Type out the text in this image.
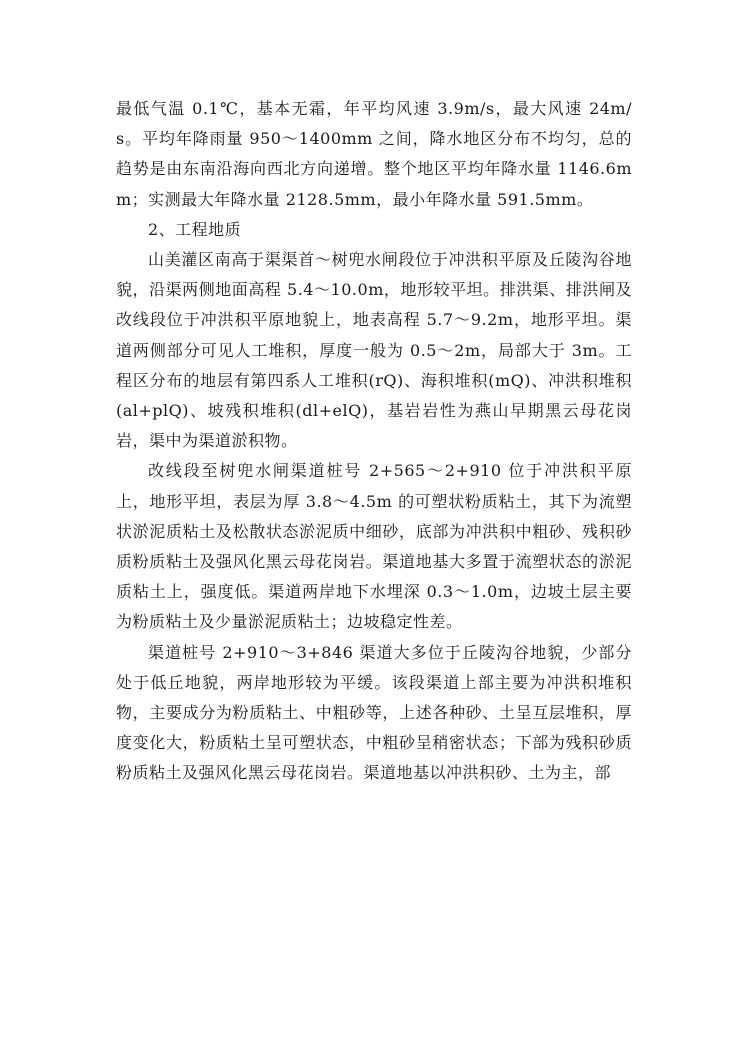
最低气温 0.1℃，基本无霜，年平均风速 3.9m/s，最大风速 24m/s。平均年降雨量 950～1400mm 之间，降水地区分布不均匀，总的趋势是由东南沿海向西北方向递增。整个地区平均年降水量 1146.6mm；实测最大年降水量 2128.5mm，最小年降水量 591.5mm。

2、工程地质

山美灌区南高于渠渠首～树兜水闸段位于冲洪积平原及丘陵沟谷地貌，沿渠两侧地面高程 5.4～10.0m，地形较平坦。排洪渠、排洪闸及改线段位于冲洪积平原地貌上，地表高程 5.7～9.2m，地形平坦。渠道两侧部分可见人工堆积，厚度一般为 0.5～2m，局部大于 3m。工程区分布的地层有第四系人工堆积(rQ)、海积堆积(mQ)、冲洪积堆积(al+plQ)、坡残积堆积(dl+elQ)，基岩岩性为燕山早期黑云母花岗岩，渠中为渠道淤积物。

改线段至树兜水闸渠道桩号 2+565～2+910 位于冲洪积平原上，地形平坦，表层为厚 3.8～4.5m 的可塑状粉质粘土，其下为流塑状淤泥质粘土及松散状态淤泥质中细砂，底部为冲洪积中粗砂、残积砂质粉质粘土及强风化黑云母花岗岩。渠道地基大多置于流塑状态的淤泥质粘土上，强度低。渠道两岸地下水埋深 0.3～1.0m，边坡土层主要为粉质粘土及少量淤泥质粘土；边坡稳定性差。

渠道桩号 2+910～3+846 渠道大多位于丘陵沟谷地貌，少部分处于低丘地貌，两岸地形较为平缓。该段渠道上部主要为冲洪积堆积物，主要成分为粉质粘土、中粗砂等，上述各种砂、土呈互层堆积，厚度变化大，粉质粘土呈可塑状态，中粗砂呈稍密状态；下部为残积砂质粉质粘土及强风化黑云母花岗岩。渠道地基以冲洪积砂、土为主，部
